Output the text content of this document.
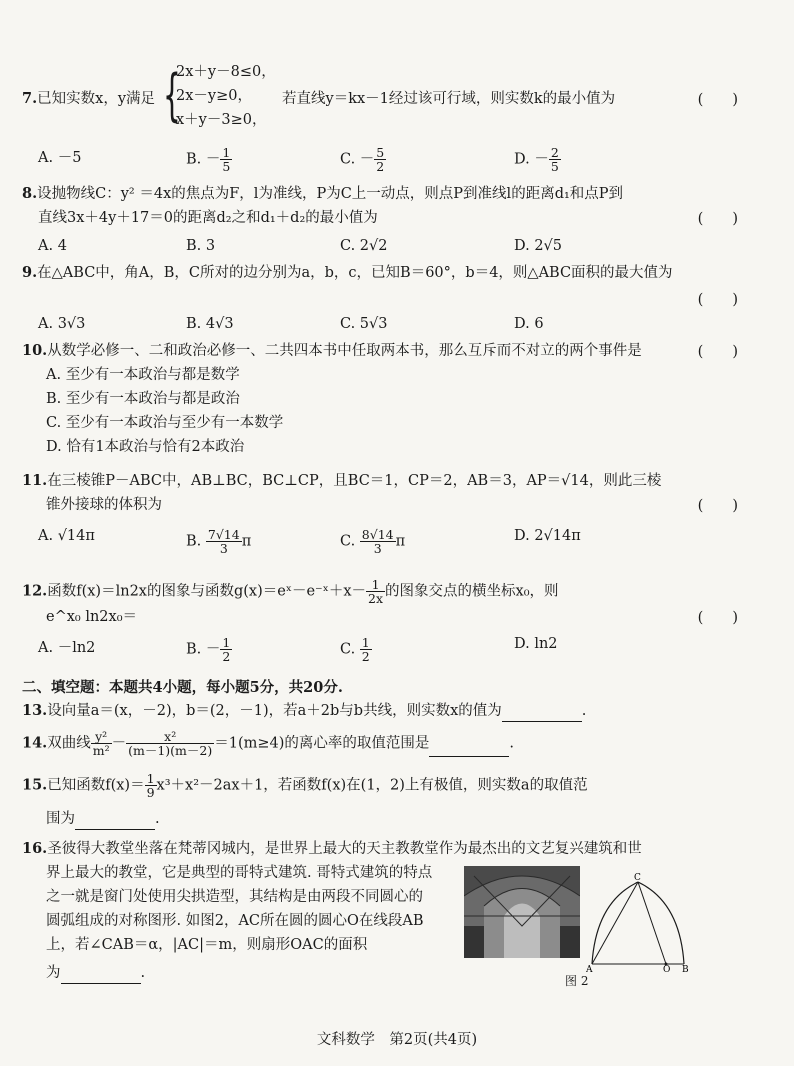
7.已知实数x，y满足 {
2x＋y－8≤0，
2x－y≥0，
x＋y－3≥0，
若直线y＝kx－1经过该可行域，则实数k的最小值为	(　　)
A. －5	B. － $\frac{1}{5}$	C. － $\frac{5}{2}$	D. － $\frac{2}{5}$
8.设抛物线C：y² ＝4x的焦点为F，l为准线，P为C上一动点，则点P到准线l的距离d₁和点P到
直线3x＋4y＋17＝0的距离d₂之和d₁＋d₂的最小值为	(　　)
A. 4	B. 3	C. 2√2	D. 2√5
9.在△ABC中，角A，B，C所对的边分别为a，b，c，已知B＝60°，b＝4，则△ABC面积的最大值为
(　　)
A. 3√3	B. 4√3	C. 5√3	D. 6
10.从数学必修一、二和政治必修一、二共四本书中任取两本书，那么互斥而不对立的两个事件是	(　　)
A. 至少有一本政治与都是数学
B. 至少有一本政治与都是政治
C. 至少有一本政治与至少有一本数学
D. 恰有1本政治与恰有2本政治
11.在三棱锥P－ABC中，AB⊥BC，BC⊥CP，且BC＝1，CP＝2，AB＝3，AP＝√14，则此三棱
锥外接球的体积为	(　　)
A. √14π	B. $\frac{7√14}{3}$ π	C. $\frac{8√14}{3}$ π	D. 2√14π
12.函数f(x)＝ln2x的图象与函数g(x)＝eˣ－e⁻ˣ＋x－ $\frac{1}{2x}$ 的图象交点的横坐标x₀，则
e^x₀ ln2x₀＝	(　　)
A. －ln2	B. － $\frac{1}{2}$	C. $\frac{1}{2}$	D. ln2
二、填空题：本题共4小题，每小题5分，共20分.
13.设向量a＝(x，－2)，b＝(2，－1)，若a＋2b与b共线，则实数x的值为	.
14.双曲线 $\frac{\text{y²}}{\text{m²}} - \frac{\text{x²}}{(m-1)(m-2)} =1(m\ge 4)$的离心率的取值范围是	.
15.已知函数$f(x)= \frac{1}{9} x^3+x^2-2ax+1$，若函数f(x)在(1，2)上有极值，则实数a的取值范
围为	.
16.圣彼得大教堂坐落在梵蒂冈城内，是世界上最大的天主教教堂作为最杰出的文艺复兴建筑和世
界上最大的教堂，它是典型的哥特式建筑. 哥特式建筑的特点
之一就是窗门处使用尖拱造型，其结构是由两段不同圆心的
圆弧组成的对称图形. 如图2，AC所在圆的圆心O在线段AB
上，若∠CAB＝α，|AC|＝m，则扇形OAC的面积
为	.
C
A	O B
图 2
文科数学　第2页(共4页)
